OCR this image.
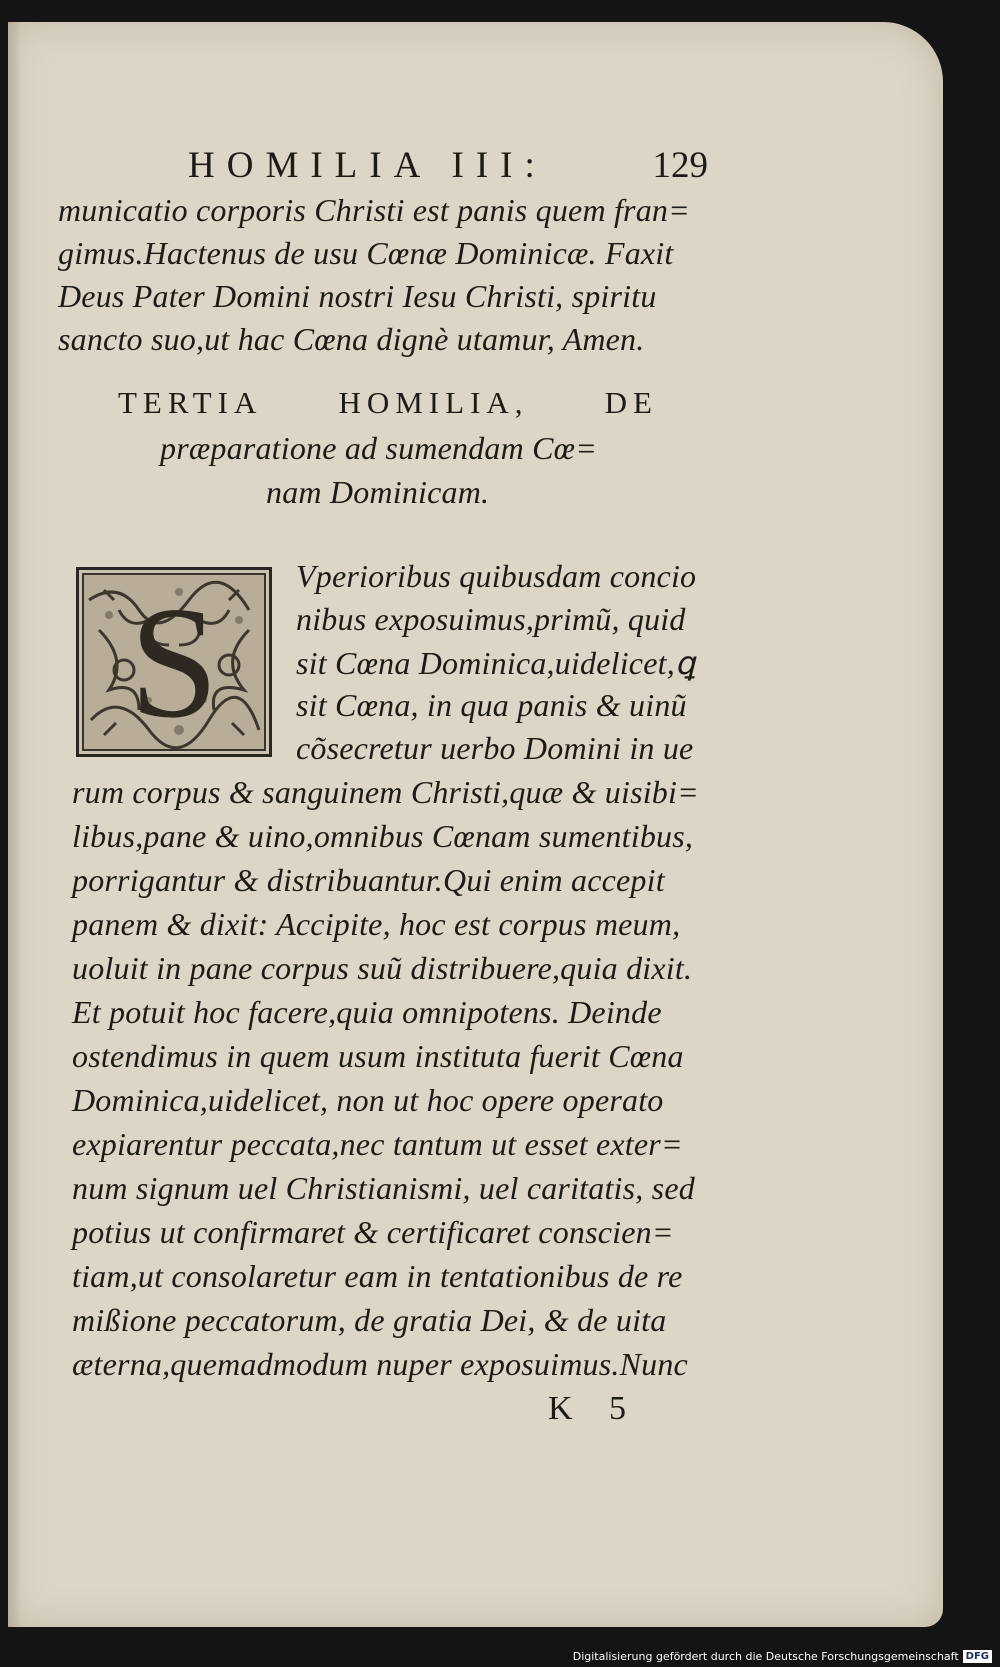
HOMILIA III:	129
municatio corporis Christi est panis quem fran=
gimus.Hactenus de usu Cœnæ Dominicæ. Faxit
Deus Pater Domini nostri Iesu Christi, spiritu
sancto suo,ut hac Cœna dignè utamur, Amen.
TERTIA HOMILIA, DE
præparatione ad sumendam Cœ=
nam Dominicam.
S	Vperioribus quibusdam concio
nibus exposuimus,primũ, quid
sit Cœna Dominica,uidelicet,ꝗ
sit Cœna, in qua panis & uinũ
cõsecretur uerbo Domini in ue
rum corpus & sanguinem Christi,quæ & uisibi=
libus,pane & uino,omnibus Cœnam sumentibus,
porrigantur & distribuantur.Qui enim accepit
panem & dixit: Accipite, hoc est corpus meum,
uoluit in pane corpus suũ distribuere,quia dixit.
Et potuit hoc facere,quia omnipotens. Deinde
ostendimus in quem usum instituta fuerit Cœna
Dominica,uidelicet, non ut hoc opere operato
expiarentur peccata,nec tantum ut esset exter=
num signum uel Christianismi, uel caritatis, sed
potius ut confirmaret & certificaret conscien=
tiam,ut consolaretur eam in tentationibus de re
mißione peccatorum, de gratia Dei, & de uita
æterna,quemadmodum nuper exposuimus.Nunc
K 5
Digitalisierung gefördert durch die Deutsche Forschungsgemeinschaft DFG
